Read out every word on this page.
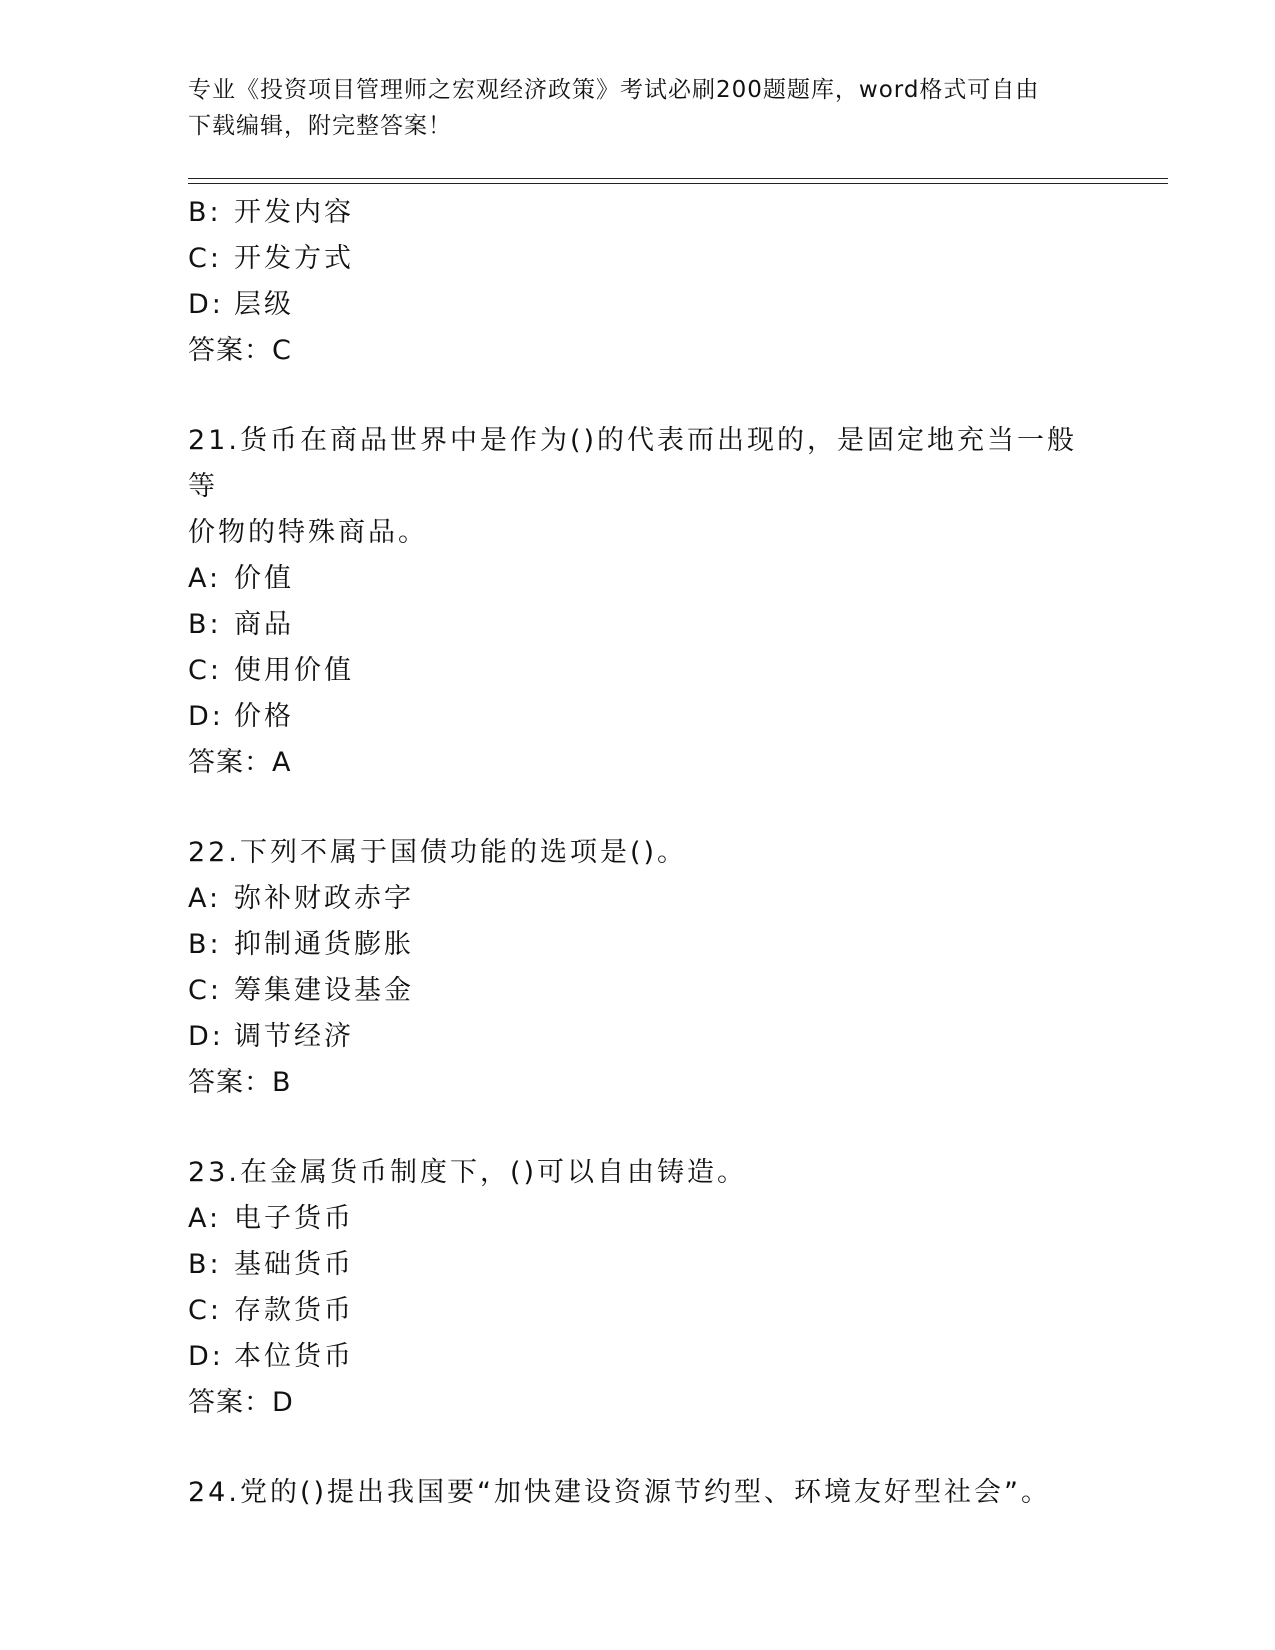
专业《投资项目管理师之宏观经济政策》考试必刷200题题库，word格式可自由
下载编辑，附完整答案！
B: 开发内容
C: 开发方式
D: 层级
答案：C
21.货币在商品世界中是作为()的代表而出现的，是固定地充当一般等
价物的特殊商品。
A: 价值
B: 商品
C: 使用价值
D: 价格
答案：A
22.下列不属于国债功能的选项是()。
A: 弥补财政赤字
B: 抑制通货膨胀
C: 筹集建设基金
D: 调节经济
答案：B
23.在金属货币制度下，()可以自由铸造。
A: 电子货币
B: 基础货币
C: 存款货币
D: 本位货币
答案：D
24.党的()提出我国要“加快建设资源节约型、环境友好型社会”。
